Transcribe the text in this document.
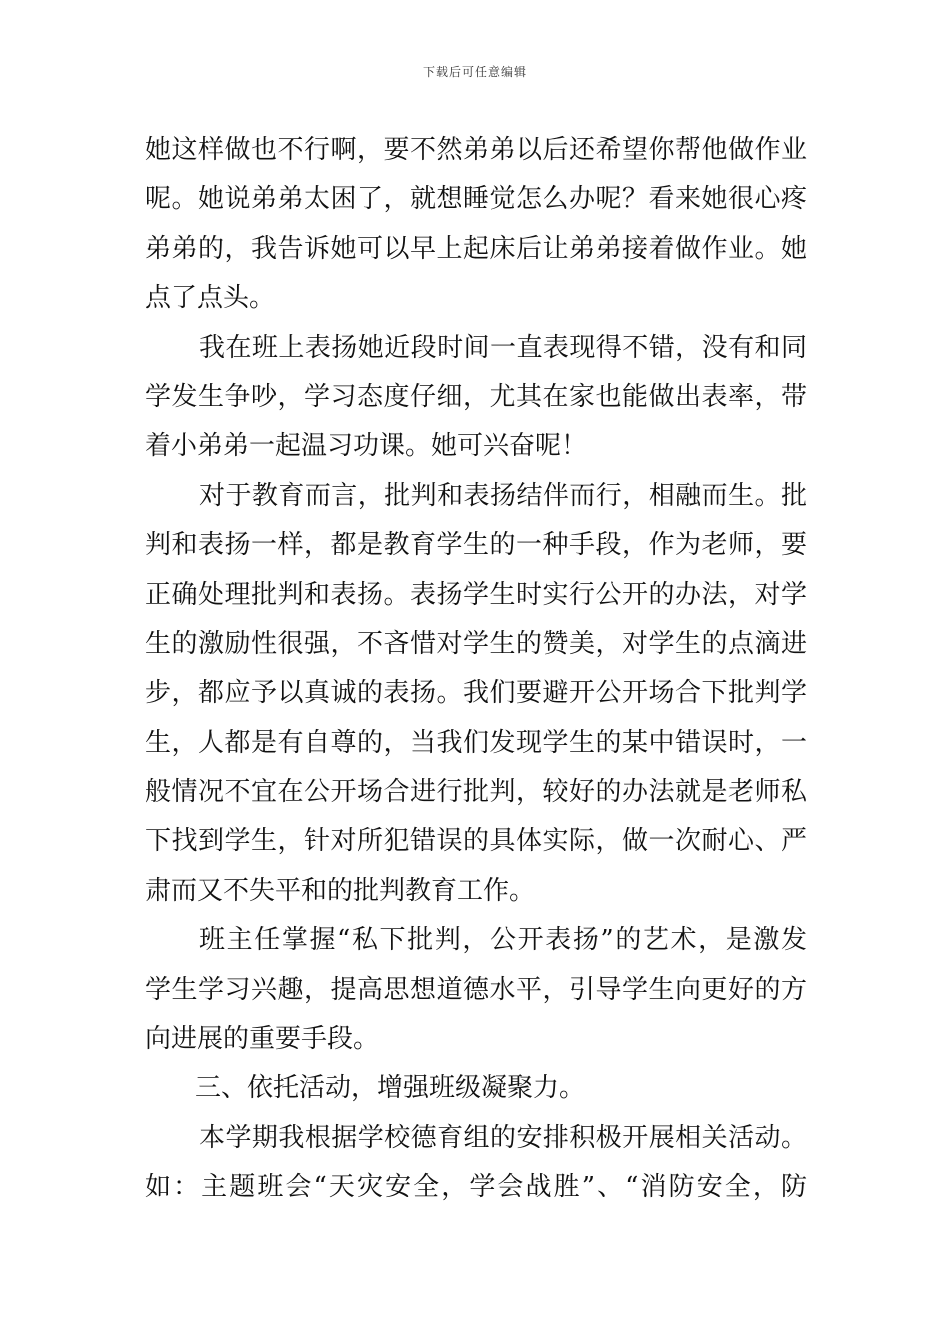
下载后可任意编辑
她这样做也不行啊，要不然弟弟以后还希望你帮他做作业
呢。她说弟弟太困了，就想睡觉怎么办呢？看来她很心疼
弟弟的，我告诉她可以早上起床后让弟弟接着做作业。她
点了点头。
我在班上表扬她近段时间一直表现得不错，没有和同
学发生争吵，学习态度仔细，尤其在家也能做出表率，带
着小弟弟一起温习功课。她可兴奋呢！
对于教育而言，批判和表扬结伴而行，相融而生。批
判和表扬一样，都是教育学生的一种手段，作为老师，要
正确处理批判和表扬。表扬学生时实行公开的办法，对学
生的激励性很强，不吝惜对学生的赞美，对学生的点滴进
步，都应予以真诚的表扬。我们要避开公开场合下批判学
生，人都是有自尊的，当我们发现学生的某中错误时，一
般情况不宜在公开场合进行批判，较好的办法就是老师私
下找到学生，针对所犯错误的具体实际，做一次耐心、严
肃而又不失平和的批判教育工作。
班主任掌握“私下批判，公开表扬”的艺术，是激发
学生学习兴趣，提高思想道德水平，引导学生向更好的方
向进展的重要手段。
三、依托活动，增强班级凝聚力。
本学期我根据学校德育组的安排积极开展相关活动。
如：主题班会“天灾安全，学会战胜”、“消防安全，防
